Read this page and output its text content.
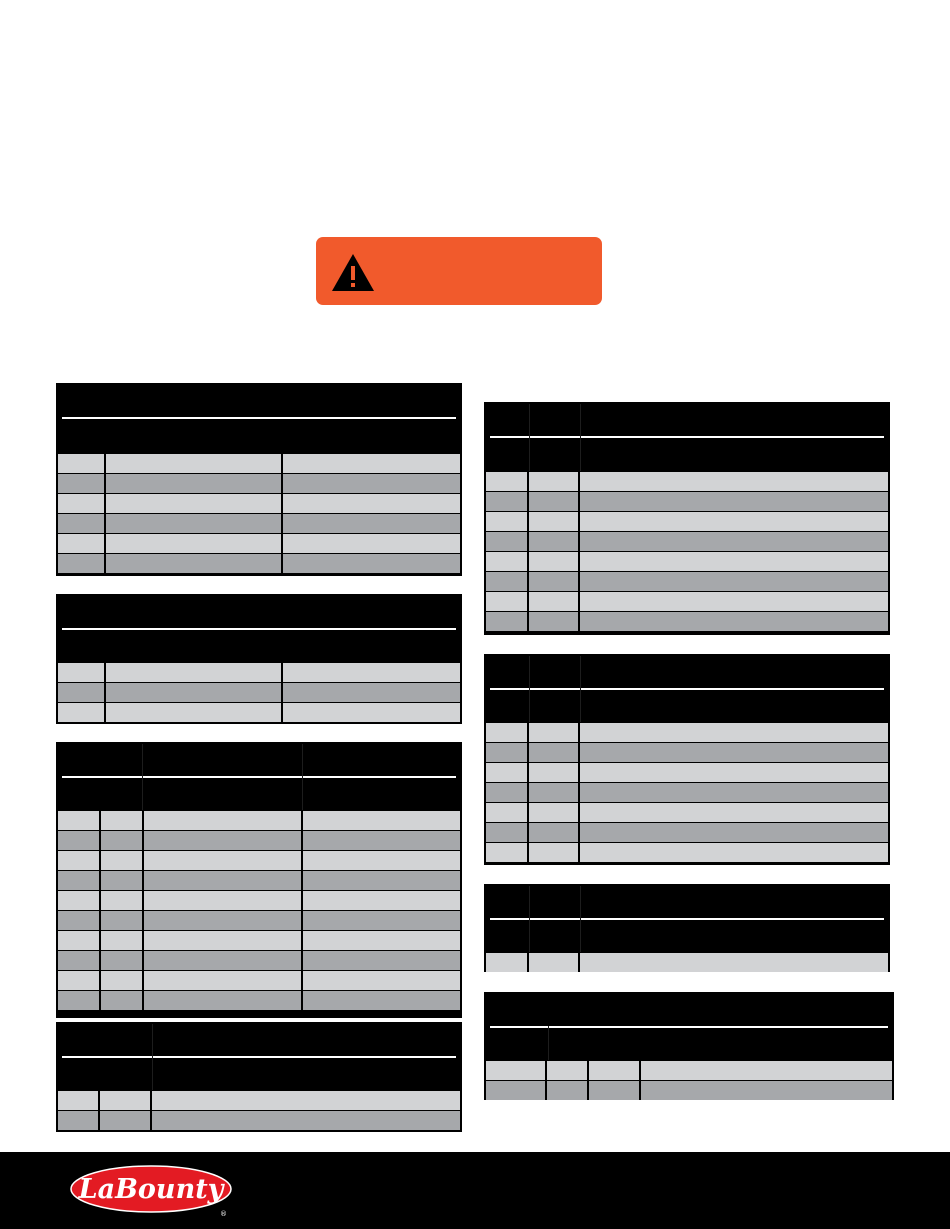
LaBounty
®
